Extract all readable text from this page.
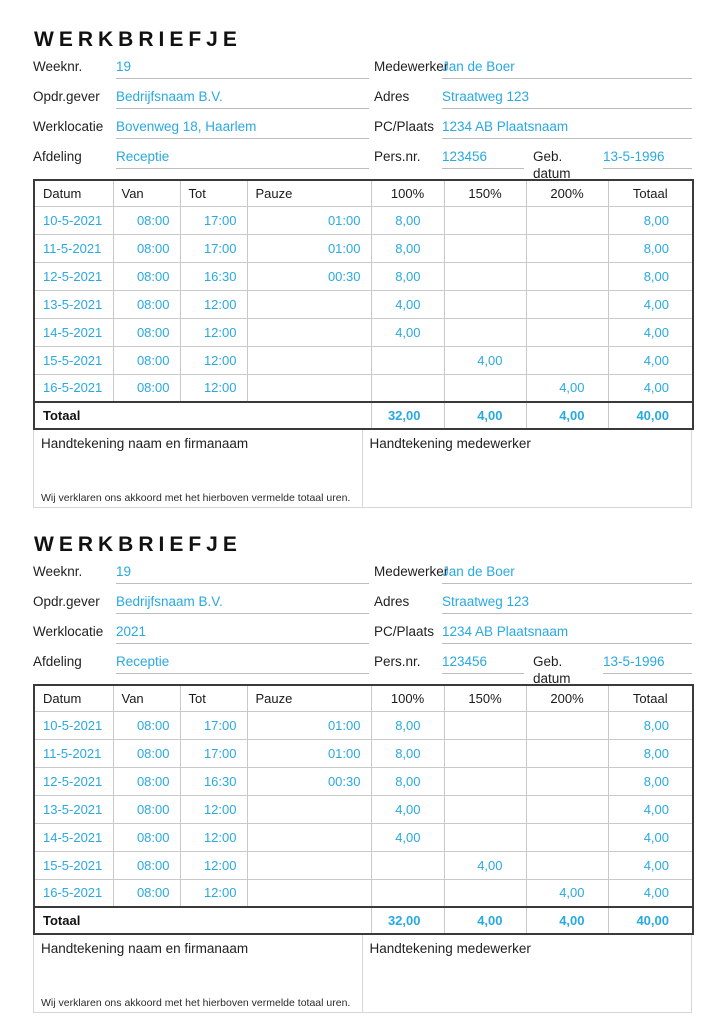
WERKBRIEFJE
Weeknr.	19	Medewerker
Jan de Boer
Opdr.gever	Bedrijfsnaam B.V.	Adres	Straatweg 123
Werklocatie Bovenweg 18, Haarlem	PC/Plaats 1234 AB Plaatsnaam
Afdeling	Receptie	Pers.nr.	123456	Geb. datum
13-5-1996
Datum	Van	Tot	Pauze	100%	150%	200%	Totaal
10-5-2021	08:00	17:00	01:00	8,00			8,00
11-5-2021	08:00	17:00	01:00	8,00			8,00
12-5-2021	08:00	16:30	00:30	8,00			8,00
13-5-2021	08:00	12:00		4,00			4,00
14-5-2021	08:00	12:00		4,00			4,00
15-5-2021	08:00	12:00			4,00		4,00
16-5-2021	08:00	12:00				4,00	4,00
Totaal				32,00	4,00	4,00	40,00
Handtekening naam en firmanaam
Wij verklaren ons akkoord met het hierboven vermelde totaal uren.
Handtekening medewerker
WERKBRIEFJE
Weeknr.	19	Medewerker
Jan de Boer
Opdr.gever	Bedrijfsnaam B.V.	Adres	Straatweg 123
Werklocatie 2021	PC/Plaats 1234 AB Plaatsnaam
Afdeling	Receptie	Pers.nr.	123456	Geb. datum
13-5-1996
Datum	Van	Tot	Pauze	100%	150%	200%	Totaal
10-5-2021	08:00	17:00	01:00	8,00			8,00
11-5-2021	08:00	17:00	01:00	8,00			8,00
12-5-2021	08:00	16:30	00:30	8,00			8,00
13-5-2021	08:00	12:00		4,00			4,00
14-5-2021	08:00	12:00		4,00			4,00
15-5-2021	08:00	12:00			4,00		4,00
16-5-2021	08:00	12:00				4,00	4,00
Totaal				32,00	4,00	4,00	40,00
Handtekening naam en firmanaam
Wij verklaren ons akkoord met het hierboven vermelde totaal uren.
Handtekening medewerker
